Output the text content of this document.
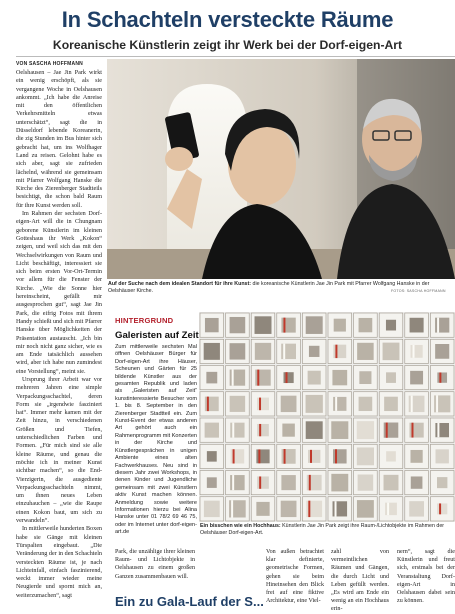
In Schachteln versteckte Räume
Koreanische Künstlerin zeigt ihr Werk bei der Dorf-eigen-Art
VON SASCHA HOFFMANN

Oelshausen – Jae Jin Park wirkt ein wenig erschöpft, als sie vergangene Woche in Oelshausen ankommt. „Ich habe die Anreise mit den öffentlichen Verkehrsmitteln etwas unterschätzt“, sagt die in Düsseldorf lebende Koreanerin, die zig Stunden im Bus hinter sich gebracht hat, um ins Wolfhager Land zu reisen. Gelohnt habe es sich aber, sagt sie zufrieden lächelnd, während sie gemeinsam mit Pfarrer Wolfgang Hanske die Kirche des Zierenberger Stadtteils besichtigt, die schon bald Raum für ihre Kunst werden soll.

Im Rahmen der sechsten Dorf-eigen-Art will die in Chungnam geborene Künstlerin im kleinen Gotteshaus ihr Werk „Kokon“ zeigen, und weil sich das mit den Wechselwirkungen von Raum und Licht beschäftigt, interessiert sie sich beim ersten Vor-Ort-Termin vor allem für die Fenster der Kirche. „Wie die Sonne hier hereinscheint, gefällt mir ausgesprochen gut“, sagt Jae Jin Park, die eifrig Fotos mit ihrem Handy schießt und sich mit Pfarrer Hanske über Möglichkeiten der Präsentation austauscht. „Ich bin mir noch nicht ganz sicher, wie es am Ende tatsächlich aussehen wird, aber ich habe nun zumindest eine Vorstellung“, meint sie.

Ursprung ihrer Arbeit war vor mehreren Jahren eine simple Verpackungsschachtel, deren Form sie „irgendwie fasziniert hat“. Immer mehr kamen mit der Zeit hinzu, in verschiedenen Größen und Tiefen, unterschiedlichen Farben und Formen. „Für mich sind sie alle kleine Räume, und genau die möchte ich in meiner Kunst sichtbar machen“, so die End-Vierzigerin, die ausgediente Verpackungsschachteln nimmt, um ihnen neues Leben einzuhauchen – „wie die Raupe einen Kokon baut, um sich zu verwandeln“.

In mittlerweile hunderten Boxen habe sie Gänge mit kleinen Türspalten eingebaut. „Die Veränderung der in den Schachteln versteckten Räume ist, je nach Lichteinfall, einfach faszinierend, weckt immer wieder meine Neugierde und spornt mich an, weiterzumachen“, sagt

Auf der Suche nach dem idealen Standort für ihre Kunst: die koreanische Künstlerin Jae Jin Park mit Pfarrer Wolfgang Hanske in der Oelshäuser Kirche.	FOTOS: SASCHA HOFFMANN
HINTERGRUND
Galeristen auf Zeit
Zum mittlerweile sechsten Mal öffnen Oelshäuser Bürger für Dorf-eigen-Art ihre Häuser, Scheunen und Gärten für 25 bildende Künstler aus der gesamten Republik und laden als „Galeristen auf Zeit“ kunstinteressierte Besucher vom 1. bis 8. September in den Zierenberger Stadtteil ein. Zum Kunst-Event der etwas anderen Art gehört auch ein Rahmenprogramm mit Konzerten in der Kirche und Künstlergesprächen in unigen Ambiente eines alten Fachwerkhauses. Neu sind in diesem Jahr zwei Workshops, in denen Kinder und Jugendliche gemeinsam mit zwei Künstlern aktiv Kunst machen können. Anmeldung sowie weitere Informationen hierzu bei Alina Hanske unter 01 78/2 69 46 75, oder im Internet unter dorf-eigen-art.de
Ein bisschen wie ein Hochhaus: Künstlerin Jae Jin Park zeigt ihre Raum-/Lichtobjekte im Rahmen der Oelshäuser Dorf-eigen-Art.
Park, die unzählige ihrer kleinen Raum- und Lichtobjekte in Oelshausen zu einem großen Ganzen zusammenbauen will.
Von außen betrachtet klar definierte, geometrische Formen, gehen sie beim Hineinsehen den Blick frei auf eine fiktive Architektur, eine Viel-
zahl von vermeintlichen Räumen und Gängen, die durch Licht und Leben gefüllt werden. „Es wird am Ende ein wenig an ein Hochhaus erin-
nern“, sagt die Künstlerin und freut sich, erstmals bei der Veranstaltung Dorf-eigen-Art in Oelshausen dabei sein zu können.
Ein zu Gala-Lauf der S...
